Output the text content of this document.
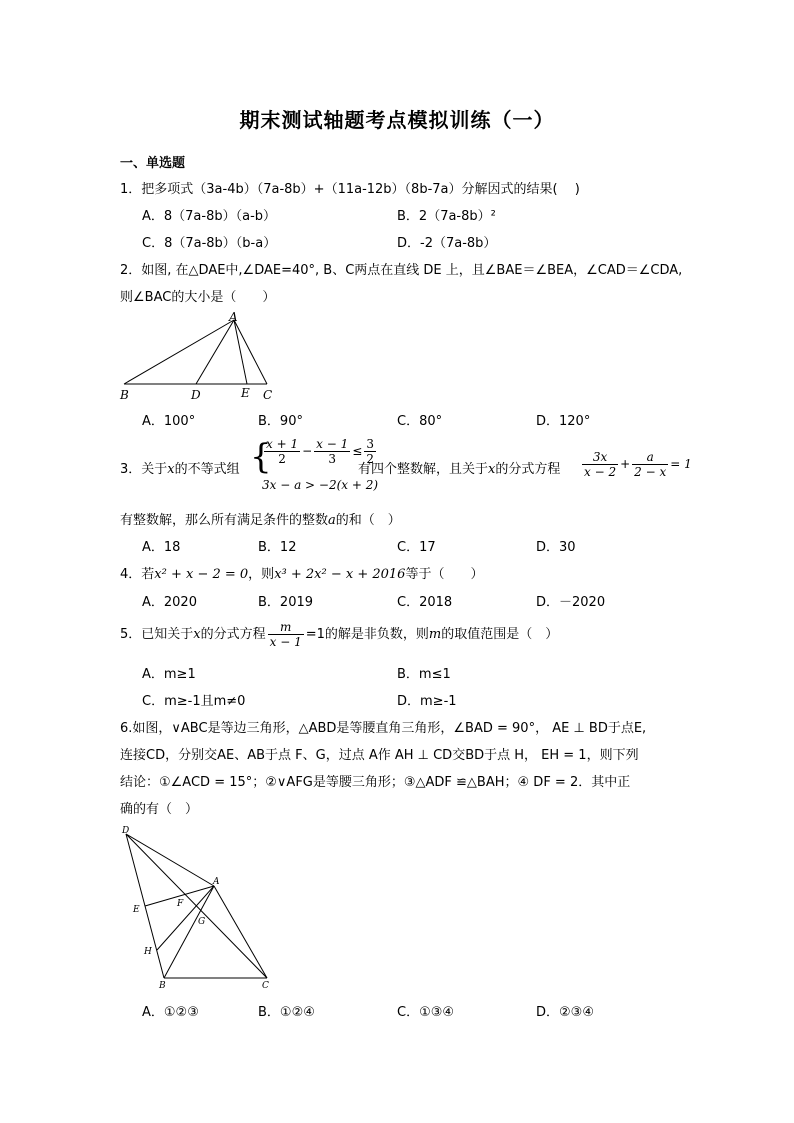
期末测试轴题考点模拟训练（一）
一、单选题
1．把多项式（3a-4b）（7a-8b）+（11a-12b）（8b-7a）分解因式的结果(　 )
A．8（7a-8b）（a-b）	B．2（7a-8b）²
C．8（7a-8b）（b-a）	D．-2（7a-8b）
2．如图, 在△DAE中,∠DAE=40°, B、C两点在直线 DE 上，且∠BAE＝∠BEA，∠CAD＝∠CDA,
则∠BAC的大小是（　　）
A
B	D	E C
A．100°	B．90°	C．80°	D．120°
3．关于x的不等式组 {
$\frac{x + 1}{2} - \frac{x - 1}{3} \le \frac{3}{2}$
3x − a > −2(x + 2)
有四个整数解，且关于x的分式方程 $\frac{3x}{x - 2} + \frac{a}{2 - x} = 1$
有整数解，那么所有满足条件的整数a的和（　）
A．18	B．12	C．17	D．30
4．若x² + x − 2 = 0，则x³ + 2x² − x + 2016等于（　　）
A．2020	B．2019	C．2018	D．－2020
5．已知关于x的分式方程 $\frac{m}{x - 1} =1$的解是非负数，则m的取值范围是（　）
A．m≥1	B．m≤1
C．m≥-1且m≠0	D．m≥-1
6.如图，∨ABC是等边三角形，△ABD是等腰直角三角形，∠BAD = 90°， AE ⊥ BD于点E,
连接CD，分别交AE、AB于点 F、G，过点 A作 AH ⊥ CD交BD于点 H， EH = 1，则下列
结论：①∠ACD = 15°；②∨AFG是等腰三角形；③△ADF ≌△BAH；④ DF = 2．其中正
确的有（　）
D
A
E
F
G
H
B	C
A．①②③	B．①②④	C．①③④	D．②③④
